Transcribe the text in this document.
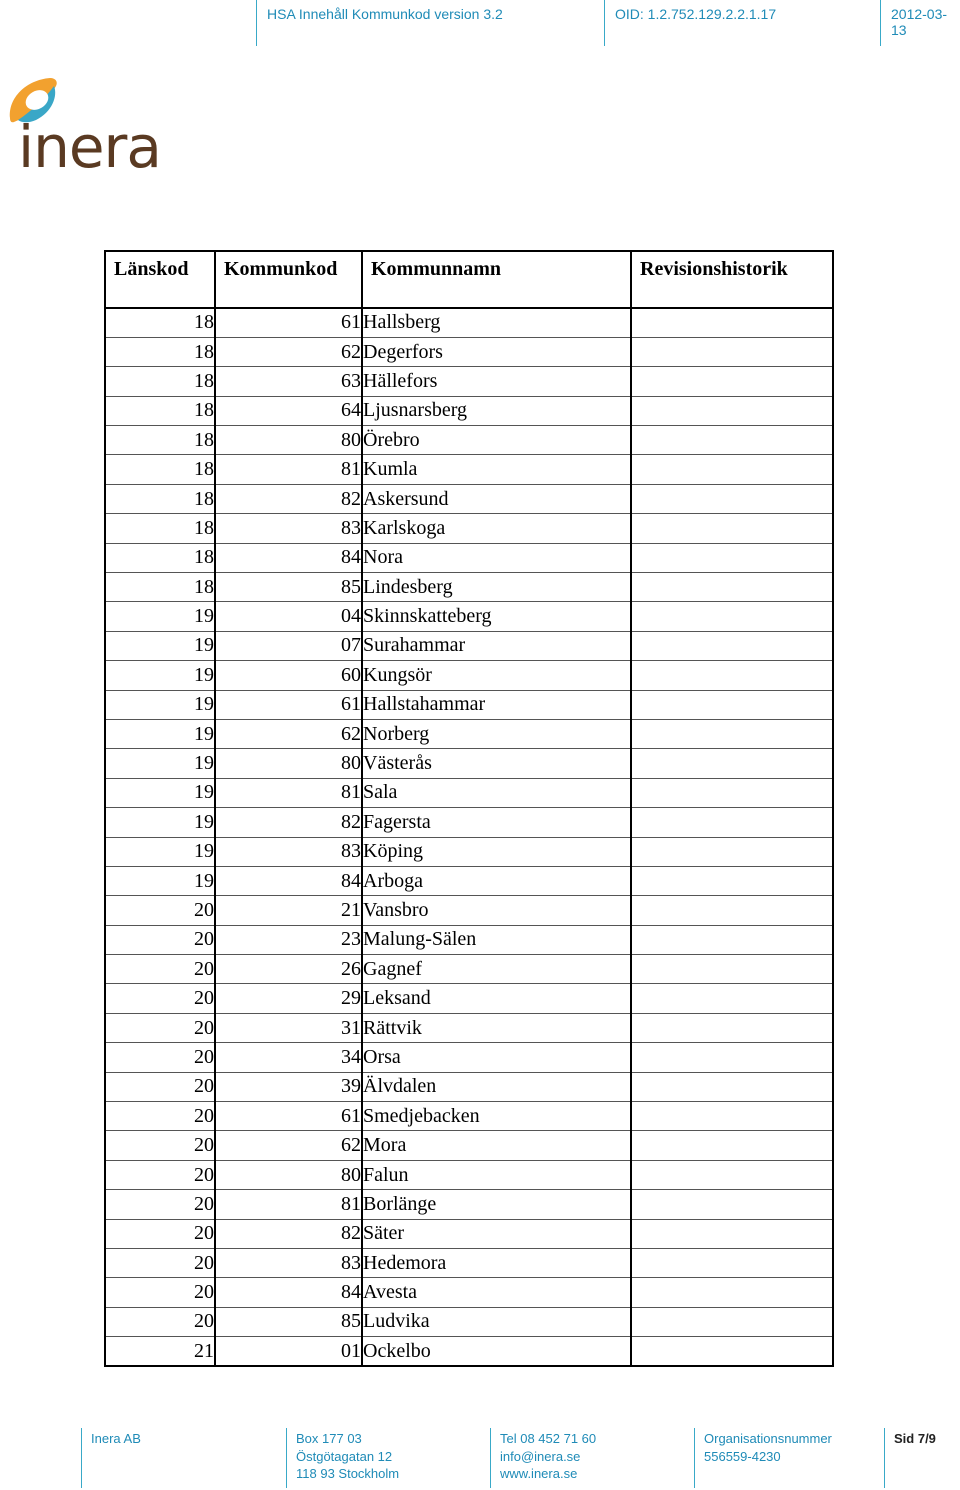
HSA Innehåll Kommunkod version 3.2	OID: 1.2.752.129.2.2.1.17	2012-03-13
inera
Länskod	Kommunkod	Kommunnamn	Revisionshistorik
18	61	Hallsberg	
18	62	Degerfors	
18	63	Hällefors	
18	64	Ljusnarsberg	
18	80	Örebro	
18	81	Kumla	
18	82	Askersund	
18	83	Karlskoga	
18	84	Nora	
18	85	Lindesberg	
19	04	Skinnskatteberg	
19	07	Surahammar	
19	60	Kungsör	
19	61	Hallstahammar	
19	62	Norberg	
19	80	Västerås	
19	81	Sala	
19	82	Fagersta	
19	83	Köping	
19	84	Arboga	
20	21	Vansbro	
20	23	Malung-Sälen	
20	26	Gagnef	
20	29	Leksand	
20	31	Rättvik	
20	34	Orsa	
20	39	Älvdalen	
20	61	Smedjebacken	
20	62	Mora	
20	80	Falun	
20	81	Borlänge	
20	82	Säter	
20	83	Hedemora	
20	84	Avesta	
20	85	Ludvika	
21	01	Ockelbo	
Inera AB	Box 177 03
Östgötagatan 12
118 93 Stockholm
Tel 08 452 71 60
info@inera.se
www.inera.se
Organisationsnummer
556559-4230
Sid 7/9
